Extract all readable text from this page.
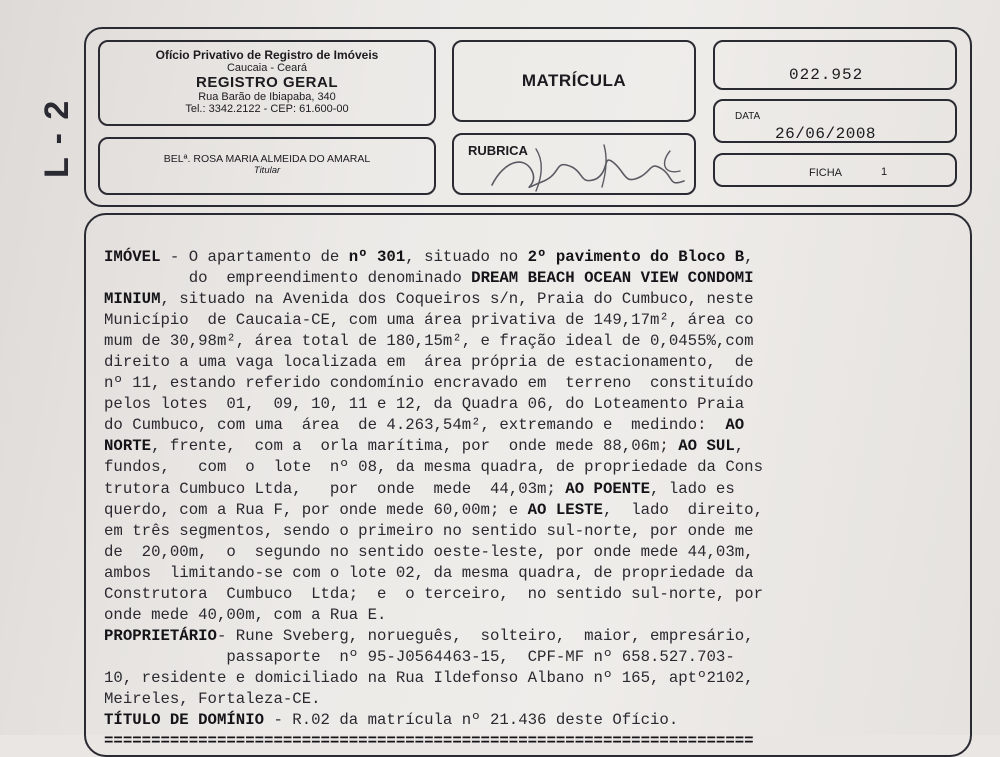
L - 2
Ofício Privativo de Registro de Imóveis
Caucaia - Ceará
REGISTRO GERAL
Rua Barão de Ibiapaba, 340
Tel.: 3342.2122 - CEP: 61.600-00
BELª. ROSA MARIA ALMEIDA DO AMARAL
Titular
MATRÍCULA
RUBRICA
022.952
DATA
26/06/2008
FICHA	1
IMÓVEL - O apartamento de nº 301, situado no 2º pavimento do Bloco B,
do  empreendimento denominado DREAM BEACH OCEAN VIEW CONDOMI
MINIUM, situado na Avenida dos Coqueiros s/n, Praia do Cumbuco, neste
Município  de Caucaia-CE, com uma área privativa de 149,17m², área co
mum de 30,98m², área total de 180,15m², e fração ideal de 0,0455%,com
direito a uma vaga localizada em  área própria de estacionamento,  de
nº 11, estando referido condomínio encravado em  terreno  constituído
pelos lotes  01,  09, 10, 11 e 12, da Quadra 06, do Loteamento Praia
do Cumbuco, com uma  área  de 4.263,54m², extremando e  medindo:  AO
NORTE, frente,  com a  orla marítima, por  onde mede 88,06m; AO SUL,
fundos,   com  o  lote  nº 08, da mesma quadra, de propriedade da Cons
trutora Cumbuco Ltda,   por  onde  mede  44,03m; AO POENTE, lado es
querdo, com a Rua F, por onde mede 60,00m; e AO LESTE,  lado  direito,
em três segmentos, sendo o primeiro no sentido sul-norte, por onde me
de  20,00m,  o  segundo no sentido oeste-leste, por onde mede 44,03m,
ambos  limitando-se com o lote 02, da mesma quadra, de propriedade da
Construtora  Cumbuco  Ltda;  e  o terceiro,  no sentido sul-norte, por
onde mede 40,00m, com a Rua E.
PROPRIETÁRIO- Rune Sveberg, norueguês,  solteiro,  maior, empresário,
passaporte  nº 95-J0564463-15,  CPF-MF nº 658.527.703-
10, residente e domiciliado na Rua Ildefonso Albano nº 165, aptº2102,
Meireles, Fortaleza-CE.
TÍTULO DE DOMÍNIO - R.02 da matrícula nº 21.436 deste Ofício.
=====================================================================
